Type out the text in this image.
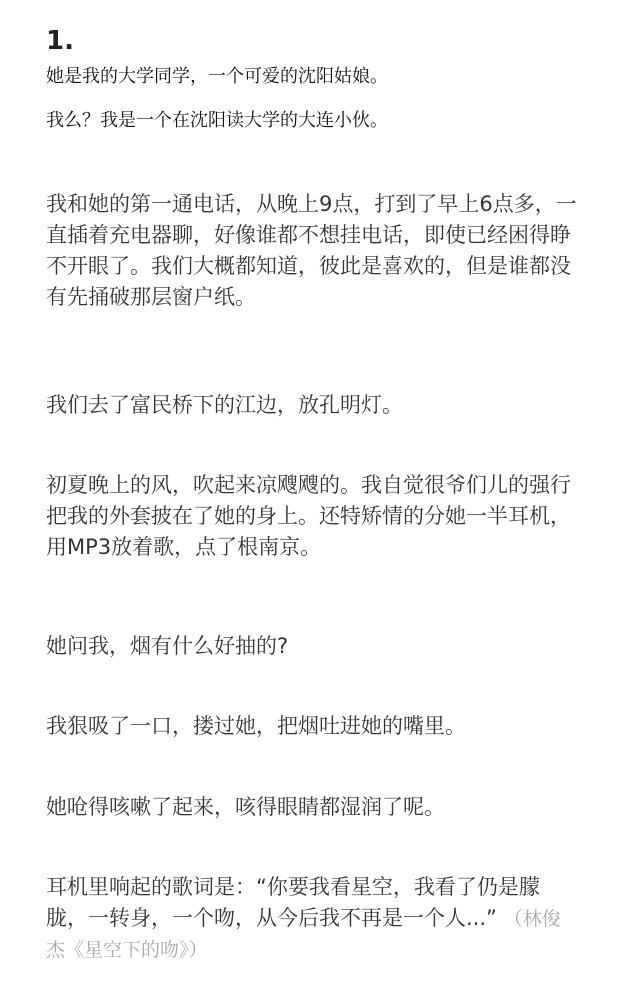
1.
她是我的大学同学，一个可爱的沈阳姑娘。
我么？我是一个在沈阳读大学的大连小伙。
我和她的第一通电话，从晚上9点，打到了早上6点多，一
直插着充电器聊，好像谁都不想挂电话，即使已经困得睁
不开眼了。我们大概都知道，彼此是喜欢的，但是谁都没
有先捅破那层窗户纸。
我们去了富民桥下的江边，放孔明灯。
初夏晚上的风，吹起来凉飕飕的。我自觉很爷们儿的强行
把我的外套披在了她的身上。还特矫情的分她一半耳机，
用MP3放着歌，点了根南京。
她问我，烟有什么好抽的?
我狠吸了一口，搂过她，把烟吐进她的嘴里。
她呛得咳嗽了起来，咳得眼睛都湿润了呢。
耳机里响起的歌词是：“你要我看星空，我看了仍是朦
胧，一转身，一个吻，从今后我不再是一个人...” （林俊
杰《星空下的吻》）
